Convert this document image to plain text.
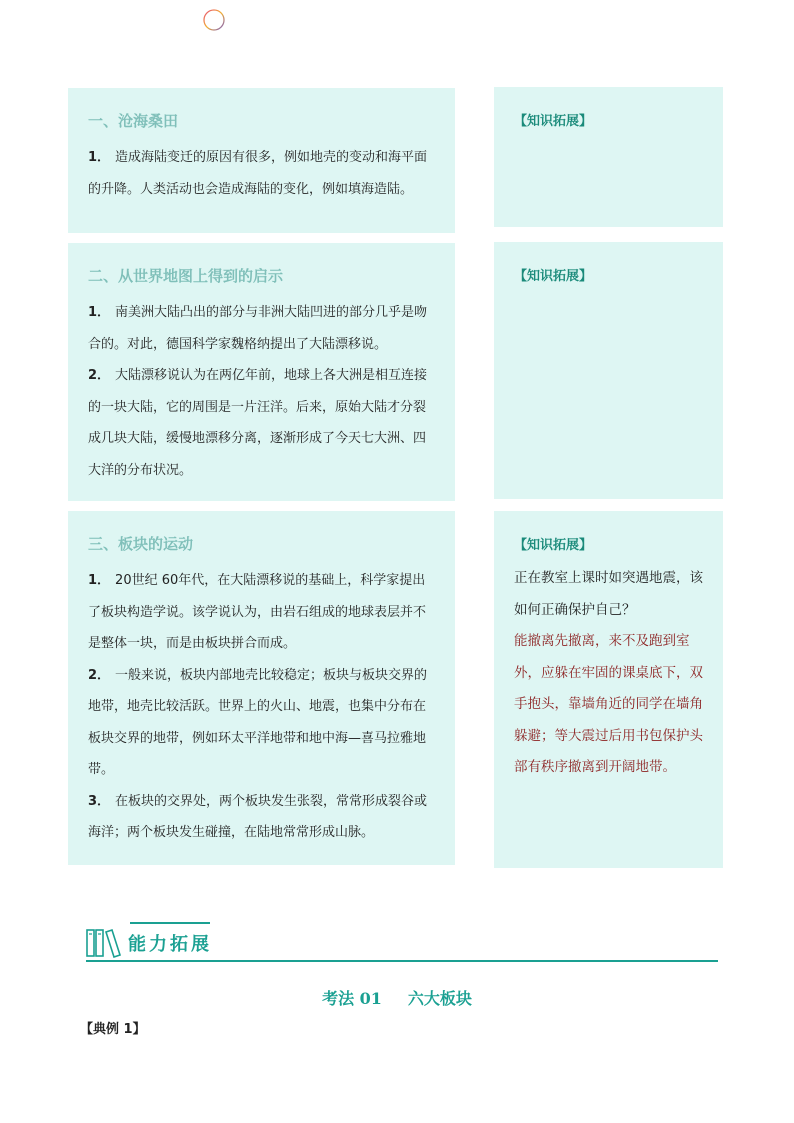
一、沧海桑田
1． 造成海陆变迁的原因有很多，例如地壳的变动和海平面的升降。人类活动也会造成海陆的变化，例如填海造陆。
【知识拓展】
二、从世界地图上得到的启示
1． 南美洲大陆凸出的部分与非洲大陆凹进的部分几乎是吻合的。对此，德国科学家魏格纳提出了大陆漂移说。
2． 大陆漂移说认为在两亿年前，地球上各大洲是相互连接的一块大陆，它的周围是一片汪洋。后来，原始大陆才分裂成几块大陆，缓慢地漂移分离，逐渐形成了今天七大洲、四大洋的分布状况。
【知识拓展】
三、板块的运动
1． 20世纪 60年代，在大陆漂移说的基础上，科学家提出了板块构造学说。该学说认为，由岩石组成的地球表层并不是整体一块，而是由板块拼合而成。
2． 一般来说，板块内部地壳比较稳定；板块与板块交界的地带，地壳比较活跃。世界上的火山、地震，也集中分布在板块交界的地带，例如环太平洋地带和地中海—喜马拉雅地带。
3． 在板块的交界处，两个板块发生张裂，常常形成裂谷或海洋；两个板块发生碰撞，在陆地常常形成山脉。
【知识拓展】
正在教室上课时如突遇地震，该如何正确保护自己？
能撤离先撤离，来不及跑到室外，应躲在牢固的课桌底下，双手抱头，靠墙角近的同学在墙角躲避；等大震过后用书包保护头部有秩序撤离到开阔地带。
能力拓展
考法 01 六大板块
【典例 1】
